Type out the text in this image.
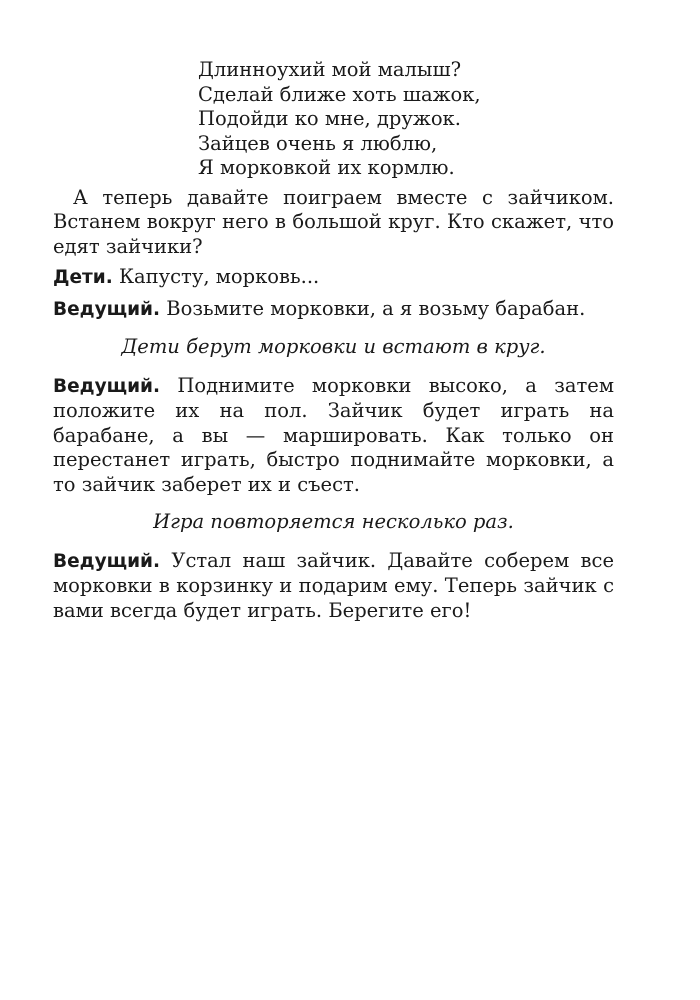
Длинноухий мой малыш?
Сделай ближе хоть шажок,
Подойди ко мне, дружок.
Зайцев очень я люблю,
Я морковкой их кормлю.

А теперь давайте поиграем вместе с зайчиком. Встанем вокруг него в большой круг. Кто скажет, что едят зайчики?

Дети. Капусту, морковь...

Ведущий. Возьмите морковки, а я возьму барабан.

Дети берут морковки и встают в круг.

Ведущий. Поднимите морковки высоко, а затем положите их на пол. Зайчик будет играть на барабане, а вы — маршировать. Как только он перестанет играть, быстро поднимайте морковки, а то зайчик заберет их и съест.

Игра повторяется несколько раз.

Ведущий. Устал наш зайчик. Давайте соберем все морковки в корзинку и подарим ему. Теперь зайчик с вами всегда будет играть. Берегите его!
